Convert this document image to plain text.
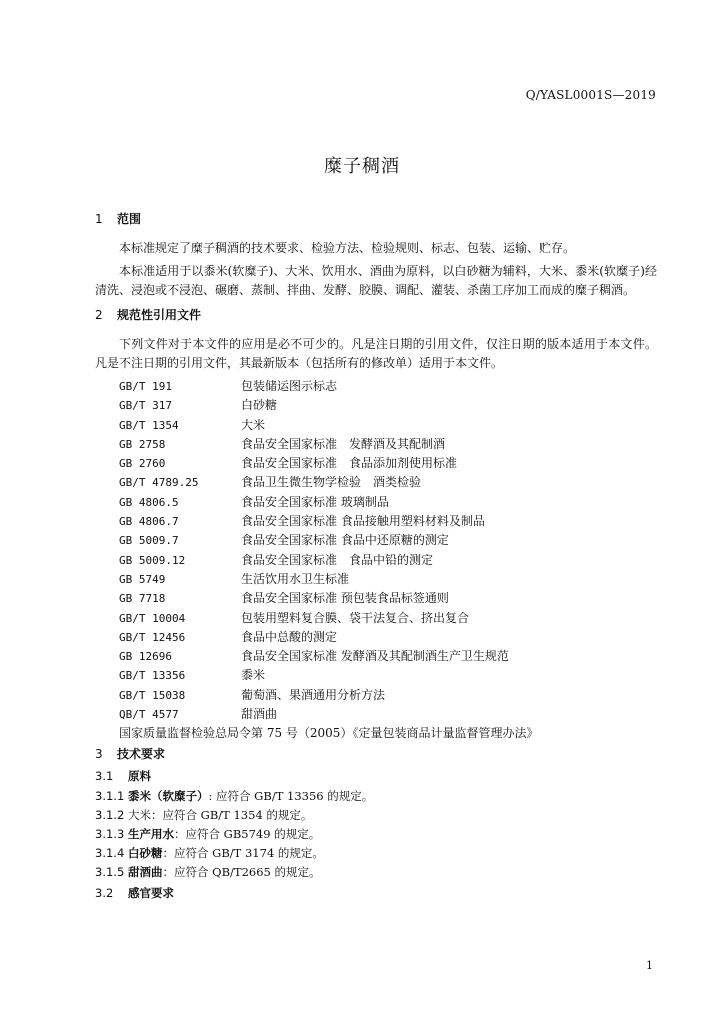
Q/YASL0001S—2019
糜子稠酒
1 范围

本标准规定了糜子稠酒的技术要求、检验方法、检验规则、标志、包装、运输、贮存。

本标准适用于以黍米(软糜子)、大米、饮用水、酒曲为原料，以白砂糖为辅料，大米、黍米(软糜子)经清洗、浸泡或不浸泡、碾磨、蒸制、拌曲、发酵、胶膜、调配、灌装、杀菌工序加工而成的糜子稠酒。

2 规范性引用文件

下列文件对于本文件的应用是必不可少的。凡是注日期的引用文件，仅注日期的版本适用于本文件。凡是不注日期的引用文件，其最新版本（包括所有的修改单）适用于本文件。

GB/T 191	包装储运图示标志
GB/T 317	白砂糖
GB/T 1354	大米
GB 2758	食品安全国家标准　发酵酒及其配制酒
GB 2760	食品安全国家标准　食品添加剂使用标准
GB/T 4789.25	食品卫生微生物学检验　酒类检验
GB 4806.5	食品安全国家标准 玻璃制品
GB 4806.7	食品安全国家标准 食品接触用塑料材料及制品
GB 5009.7	食品安全国家标准 食品中还原糖的测定
GB 5009.12	食品安全国家标准　食品中铅的测定
GB 5749	生活饮用水卫生标准
GB 7718	食品安全国家标准 预包装食品标签通则
GB/T 10004	包装用塑料复合膜、袋干法复合、挤出复合
GB/T 12456	食品中总酸的测定
GB 12696	食品安全国家标准 发酵酒及其配制酒生产卫生规范
GB/T 13356	黍米
GB/T 15038	葡萄酒、果酒通用分析方法
QB/T 4577	甜酒曲
国家质量监督检验总局令第 75 号（2005）《定量包装商品计量监督管理办法》
3 技术要求
3.1 原料
3.1.1 黍米（软糜子）: 应符合 GB/T 13356 的规定。
3.1.2 大米：应符合 GB/T 1354 的规定。
3.1.3 生产用水：应符合 GB5749 的规定。
3.1.4 白砂糖：应符合 GB/T 3174 的规定。
3.1.5 甜酒曲：应符合 QB/T2665 的规定。
3.2 感官要求
1
